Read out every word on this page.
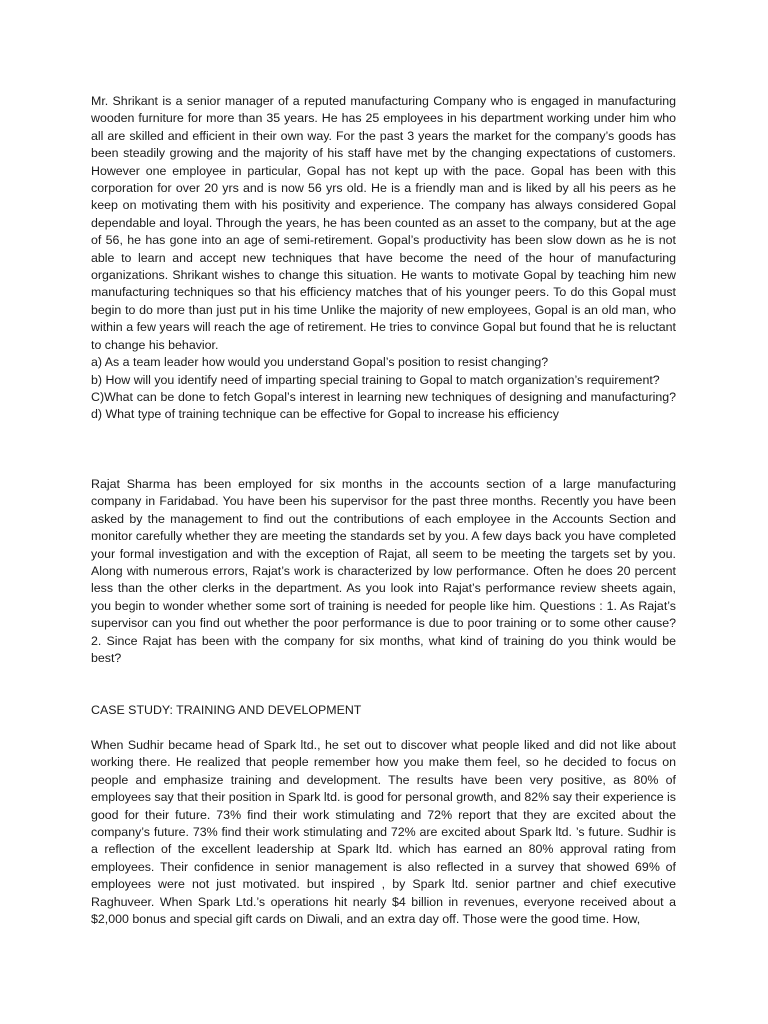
Mr. Shrikant is a senior manager of a reputed manufacturing Company who is engaged in manufacturing wooden furniture for more than 35 years. He has 25 employees in his department working under him who all are skilled and efficient in their own way. For the past 3 years the market for the company’s goods has been steadily growing and the majority of his staff have met by the changing expectations of customers. However one employee in particular, Gopal has not kept up with the pace. Gopal has been with this corporation for over 20 yrs and is now 56 yrs old. He is a friendly man and is liked by all his peers as he keep on motivating them with his positivity and experience. The company has always considered Gopal dependable and loyal. Through the years, he has been counted as an asset to the company, but at the age of 56, he has gone into an age of semi-retirement. Gopal’s productivity has been slow down as he is not able to learn and accept new techniques that have become the need of the hour of manufacturing organizations. Shrikant wishes to change this situation. He wants to motivate Gopal by teaching him new manufacturing techniques so that his efficiency matches that of his younger peers. To do this Gopal must begin to do more than just put in his time Unlike the majority of new employees, Gopal is an old man, who within a few years will reach the age of retirement. He tries to convince Gopal but found that he is reluctant to change his behavior.

a) As a team leader how would you understand Gopal’s position to resist changing?

b) How will you identify need of imparting special training to Gopal to match organization’s requirement?

C)What can be done to fetch Gopal’s interest in learning new techniques of designing and manufacturing? d) What type of training technique can be effective for Gopal to increase his efficiency

Rajat Sharma has been employed for six months in the accounts section of a large manufacturing company in Faridabad. You have been his supervisor for the past three months. Recently you have been asked by the management to find out the contributions of each employee in the Accounts Section and monitor carefully whether they are meeting the standards set by you. A few days back you have completed your formal investigation and with the exception of Rajat, all seem to be meeting the targets set by you. Along with numerous errors, Rajat’s work is characterized by low performance. Often he does 20 percent less than the other clerks in the department. As you look into Rajat’s performance review sheets again, you begin to wonder whether some sort of training is needed for people like him. Questions : 1. As Rajat’s supervisor can you find out whether the poor performance is due to poor training or to some other cause? 2. Since Rajat has been with the company for six months, what kind of training do you think would be best?

CASE STUDY: TRAINING AND DEVELOPMENT

When Sudhir became head of Spark ltd., he set out to discover what people liked and did not like about working there. He realized that people remember how you make them feel, so he decided to focus on people and emphasize training and development. The results have been very positive, as 80% of employees say that their position in Spark ltd. is good for personal growth, and 82% say their experience is good for their future. 73% find their work stimulating and 72% report that they are excited about the company’s future. 73% find their work stimulating and 72% are excited about Spark ltd. ’s future. Sudhir is a reflection of the excellent leadership at Spark ltd. which has earned an 80% approval rating from employees. Their confidence in senior management is also reflected in a survey that showed 69% of employees were not just motivated. but inspired , by Spark ltd. senior partner and chief executive Raghuveer. When Spark Ltd.’s operations hit nearly $4 billion in revenues, everyone received about a $2,000 bonus and special gift cards on Diwali, and an extra day off. Those were the good time. How,
